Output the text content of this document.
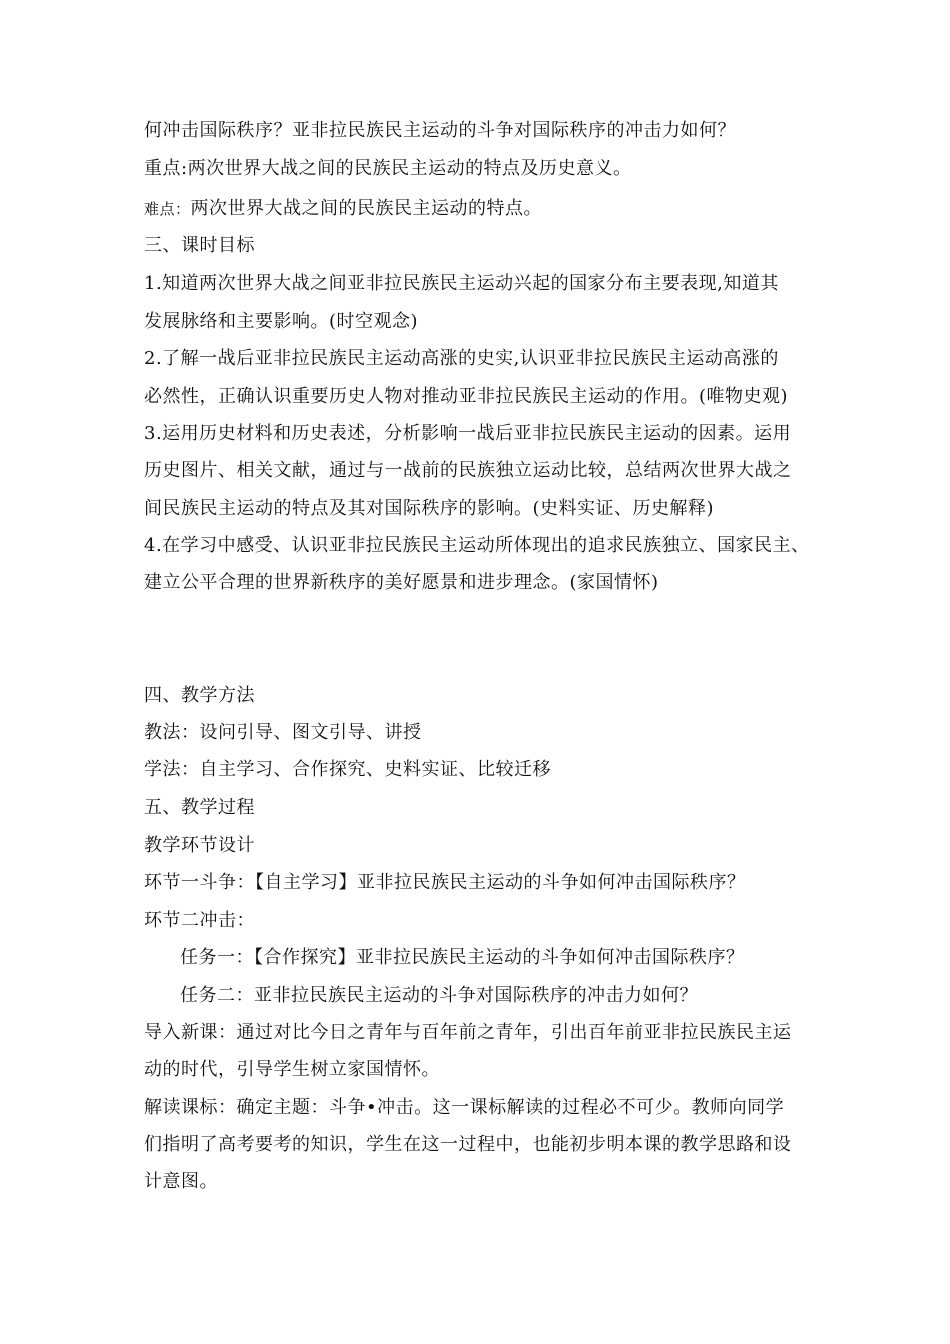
何冲击国际秩序？亚非拉民族民主运动的斗争对国际秩序的冲击力如何？
重点:两次世界大战之间的民族民主运动的特点及历史意义。
难点：两次世界大战之间的民族民主运动的特点。
三、课时目标
1.知道两次世界大战之间亚非拉民族民主运动兴起的国家分布主要表现,知道其
发展脉络和主要影响。(时空观念)
2.了解一战后亚非拉民族民主运动高涨的史实,认识亚非拉民族民主运动高涨的
必然性，正确认识重要历史人物对推动亚非拉民族民主运动的作用。(唯物史观)
3.运用历史材料和历史表述，分析影响一战后亚非拉民族民主运动的因素。运用
历史图片、相关文献，通过与一战前的民族独立运动比较，总结两次世界大战之
间民族民主运动的特点及其对国际秩序的影响。(史料实证、历史解释)
4.在学习中感受、认识亚非拉民族民主运动所体现出的追求民族独立、国家民主、
建立公平合理的世界新秩序的美好愿景和进步理念。(家国情怀)
四、教学方法
教法：设问引导、图文引导、讲授
学法：自主学习、合作探究、史料实证、比较迁移
五、教学过程
教学环节设计
环节一斗争：【自主学习】亚非拉民族民主运动的斗争如何冲击国际秩序？
环节二冲击：
任务一：【合作探究】亚非拉民族民主运动的斗争如何冲击国际秩序？
任务二：亚非拉民族民主运动的斗争对国际秩序的冲击力如何？
导入新课：通过对比今日之青年与百年前之青年，引出百年前亚非拉民族民主运
动的时代，引导学生树立家国情怀。
解读课标：确定主题：斗争•冲击。这一课标解读的过程必不可少。教师向同学
们指明了高考要考的知识，学生在这一过程中，也能初步明本课的教学思路和设
计意图。
